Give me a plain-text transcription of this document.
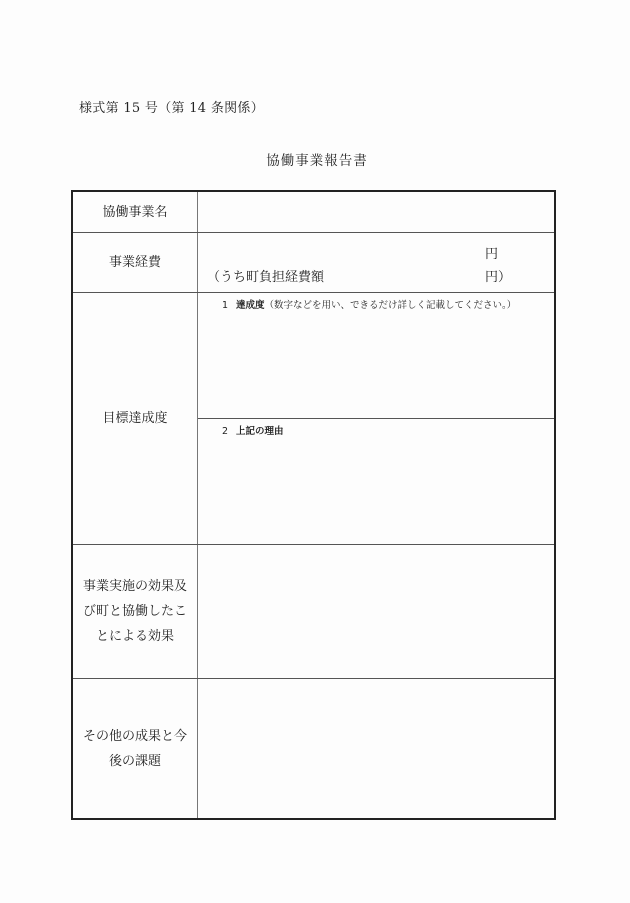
様式第 15 号（第 14 条関係）
協働事業報告書
協働事業名
事業経費
円
（うち町負担経費額	円）
目標達成度
1 達成度（数字などを用い、できるだけ詳しく記載してください。）
2 上記の理由
事業実施の効果及
び町と協働したこ
とによる効果
その他の成果と今
後の課題
